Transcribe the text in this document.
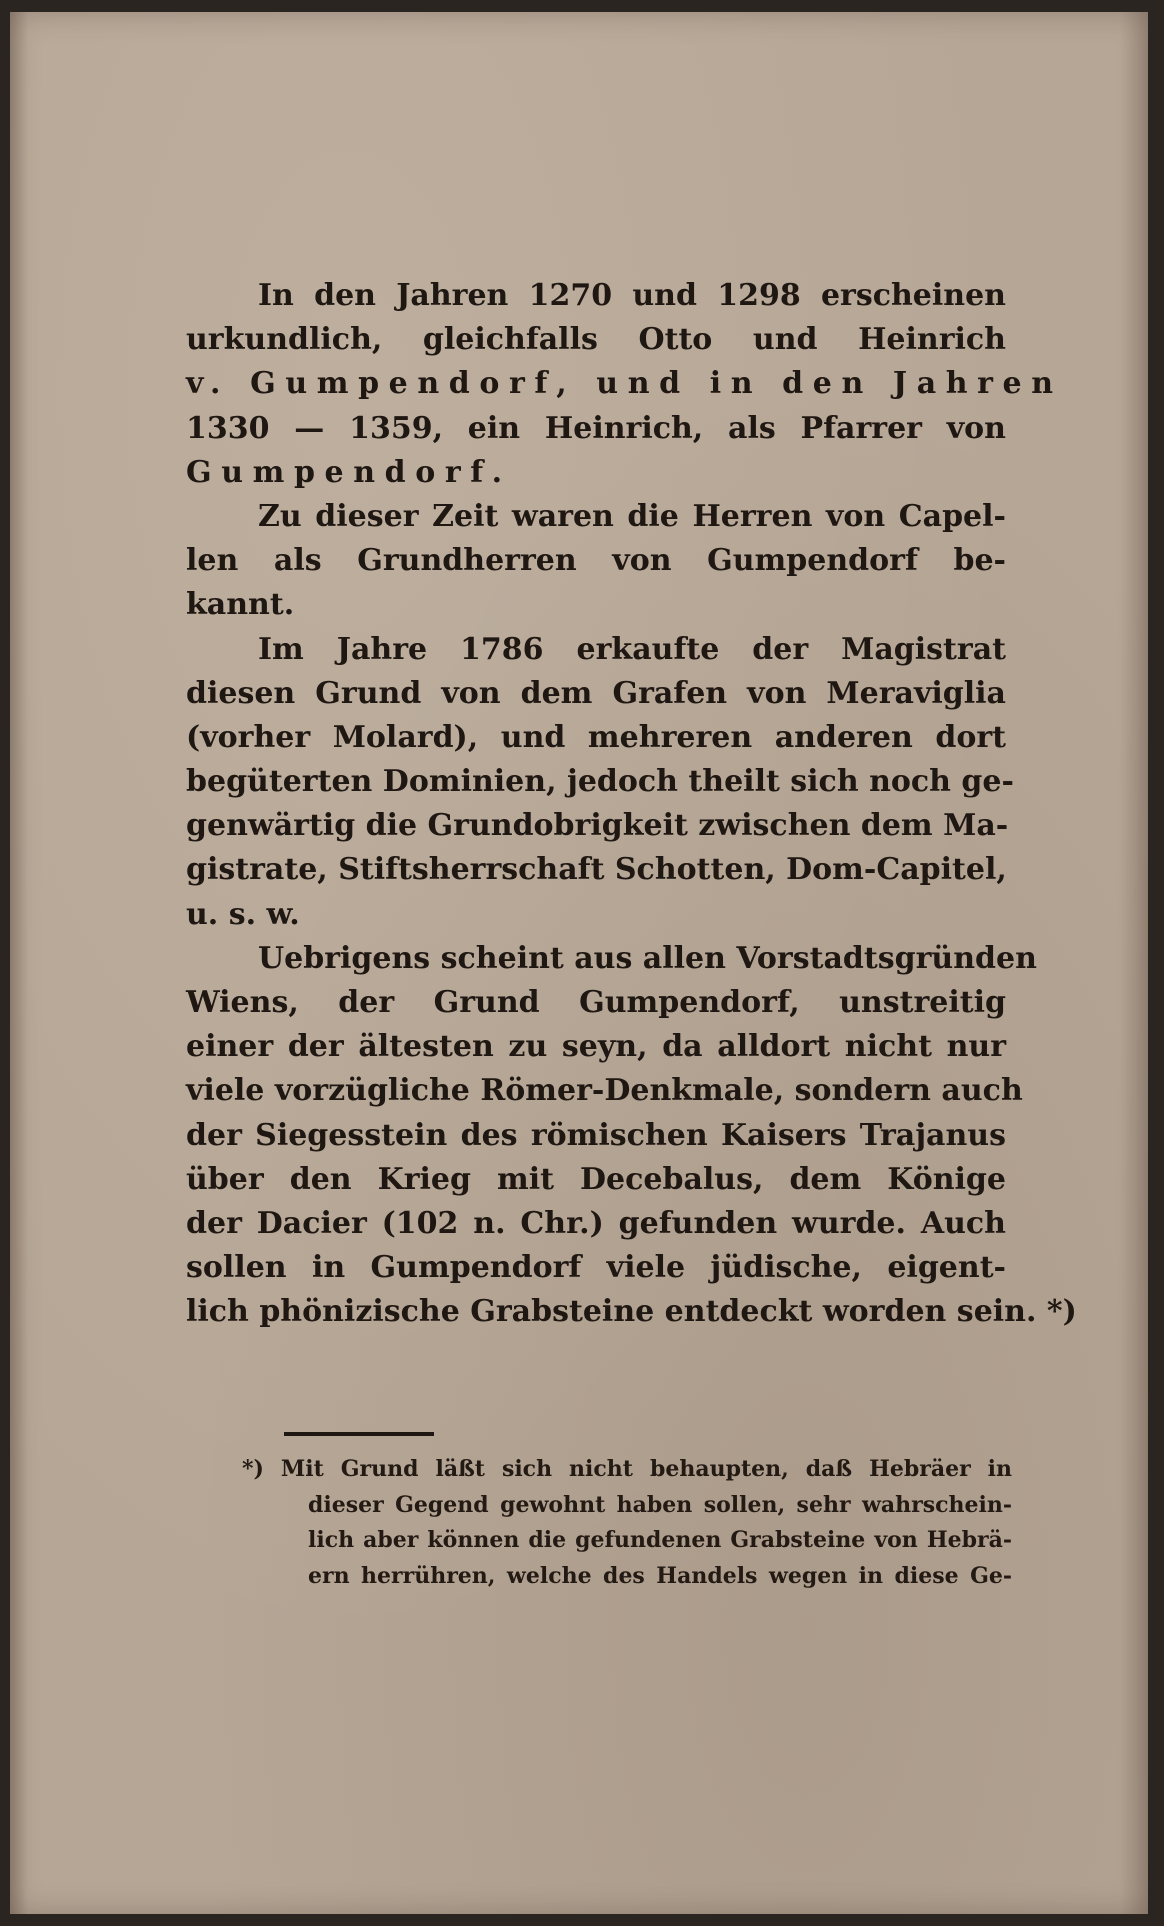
In den Jahren 1270 und 1298 erscheinen
urkundlich, gleichfalls Otto und Heinrich
v. Gumpendorf, und in den Jahren
1330 — 1359, ein Heinrich, als Pfarrer von
Gumpendorf.
Zu dieser Zeit waren die Herren von Capel-
len als Grundherren von Gumpendorf be-
kannt.
Im Jahre 1786 erkaufte der Magistrat
diesen Grund von dem Grafen von Meraviglia
(vorher Molard), und mehreren anderen dort
begüterten Dominien, jedoch theilt sich noch ge-
genwärtig die Grundobrigkeit zwischen dem Ma-
gistrate, Stiftsherrschaft Schotten, Dom-Capitel,
u. s. w.
Uebrigens scheint aus allen Vorstadtsgründen
Wiens, der Grund Gumpendorf, unstreitig
einer der ältesten zu seyn, da alldort nicht nur
viele vorzügliche Römer-Denkmale, sondern auch
der Siegesstein des römischen Kaisers Trajanus
über den Krieg mit Decebalus, dem Könige
der Dacier (102 n. Chr.) gefunden wurde. Auch
sollen in Gumpendorf viele jüdische, eigent-
lich phönizische Grabsteine entdeckt worden sein. *)
*) Mit Grund läßt sich nicht behaupten, daß Hebräer in
dieser Gegend gewohnt haben sollen, sehr wahrschein-
lich aber können die gefundenen Grabsteine von Hebrä-
ern herrühren, welche des Handels wegen in diese Ge-
